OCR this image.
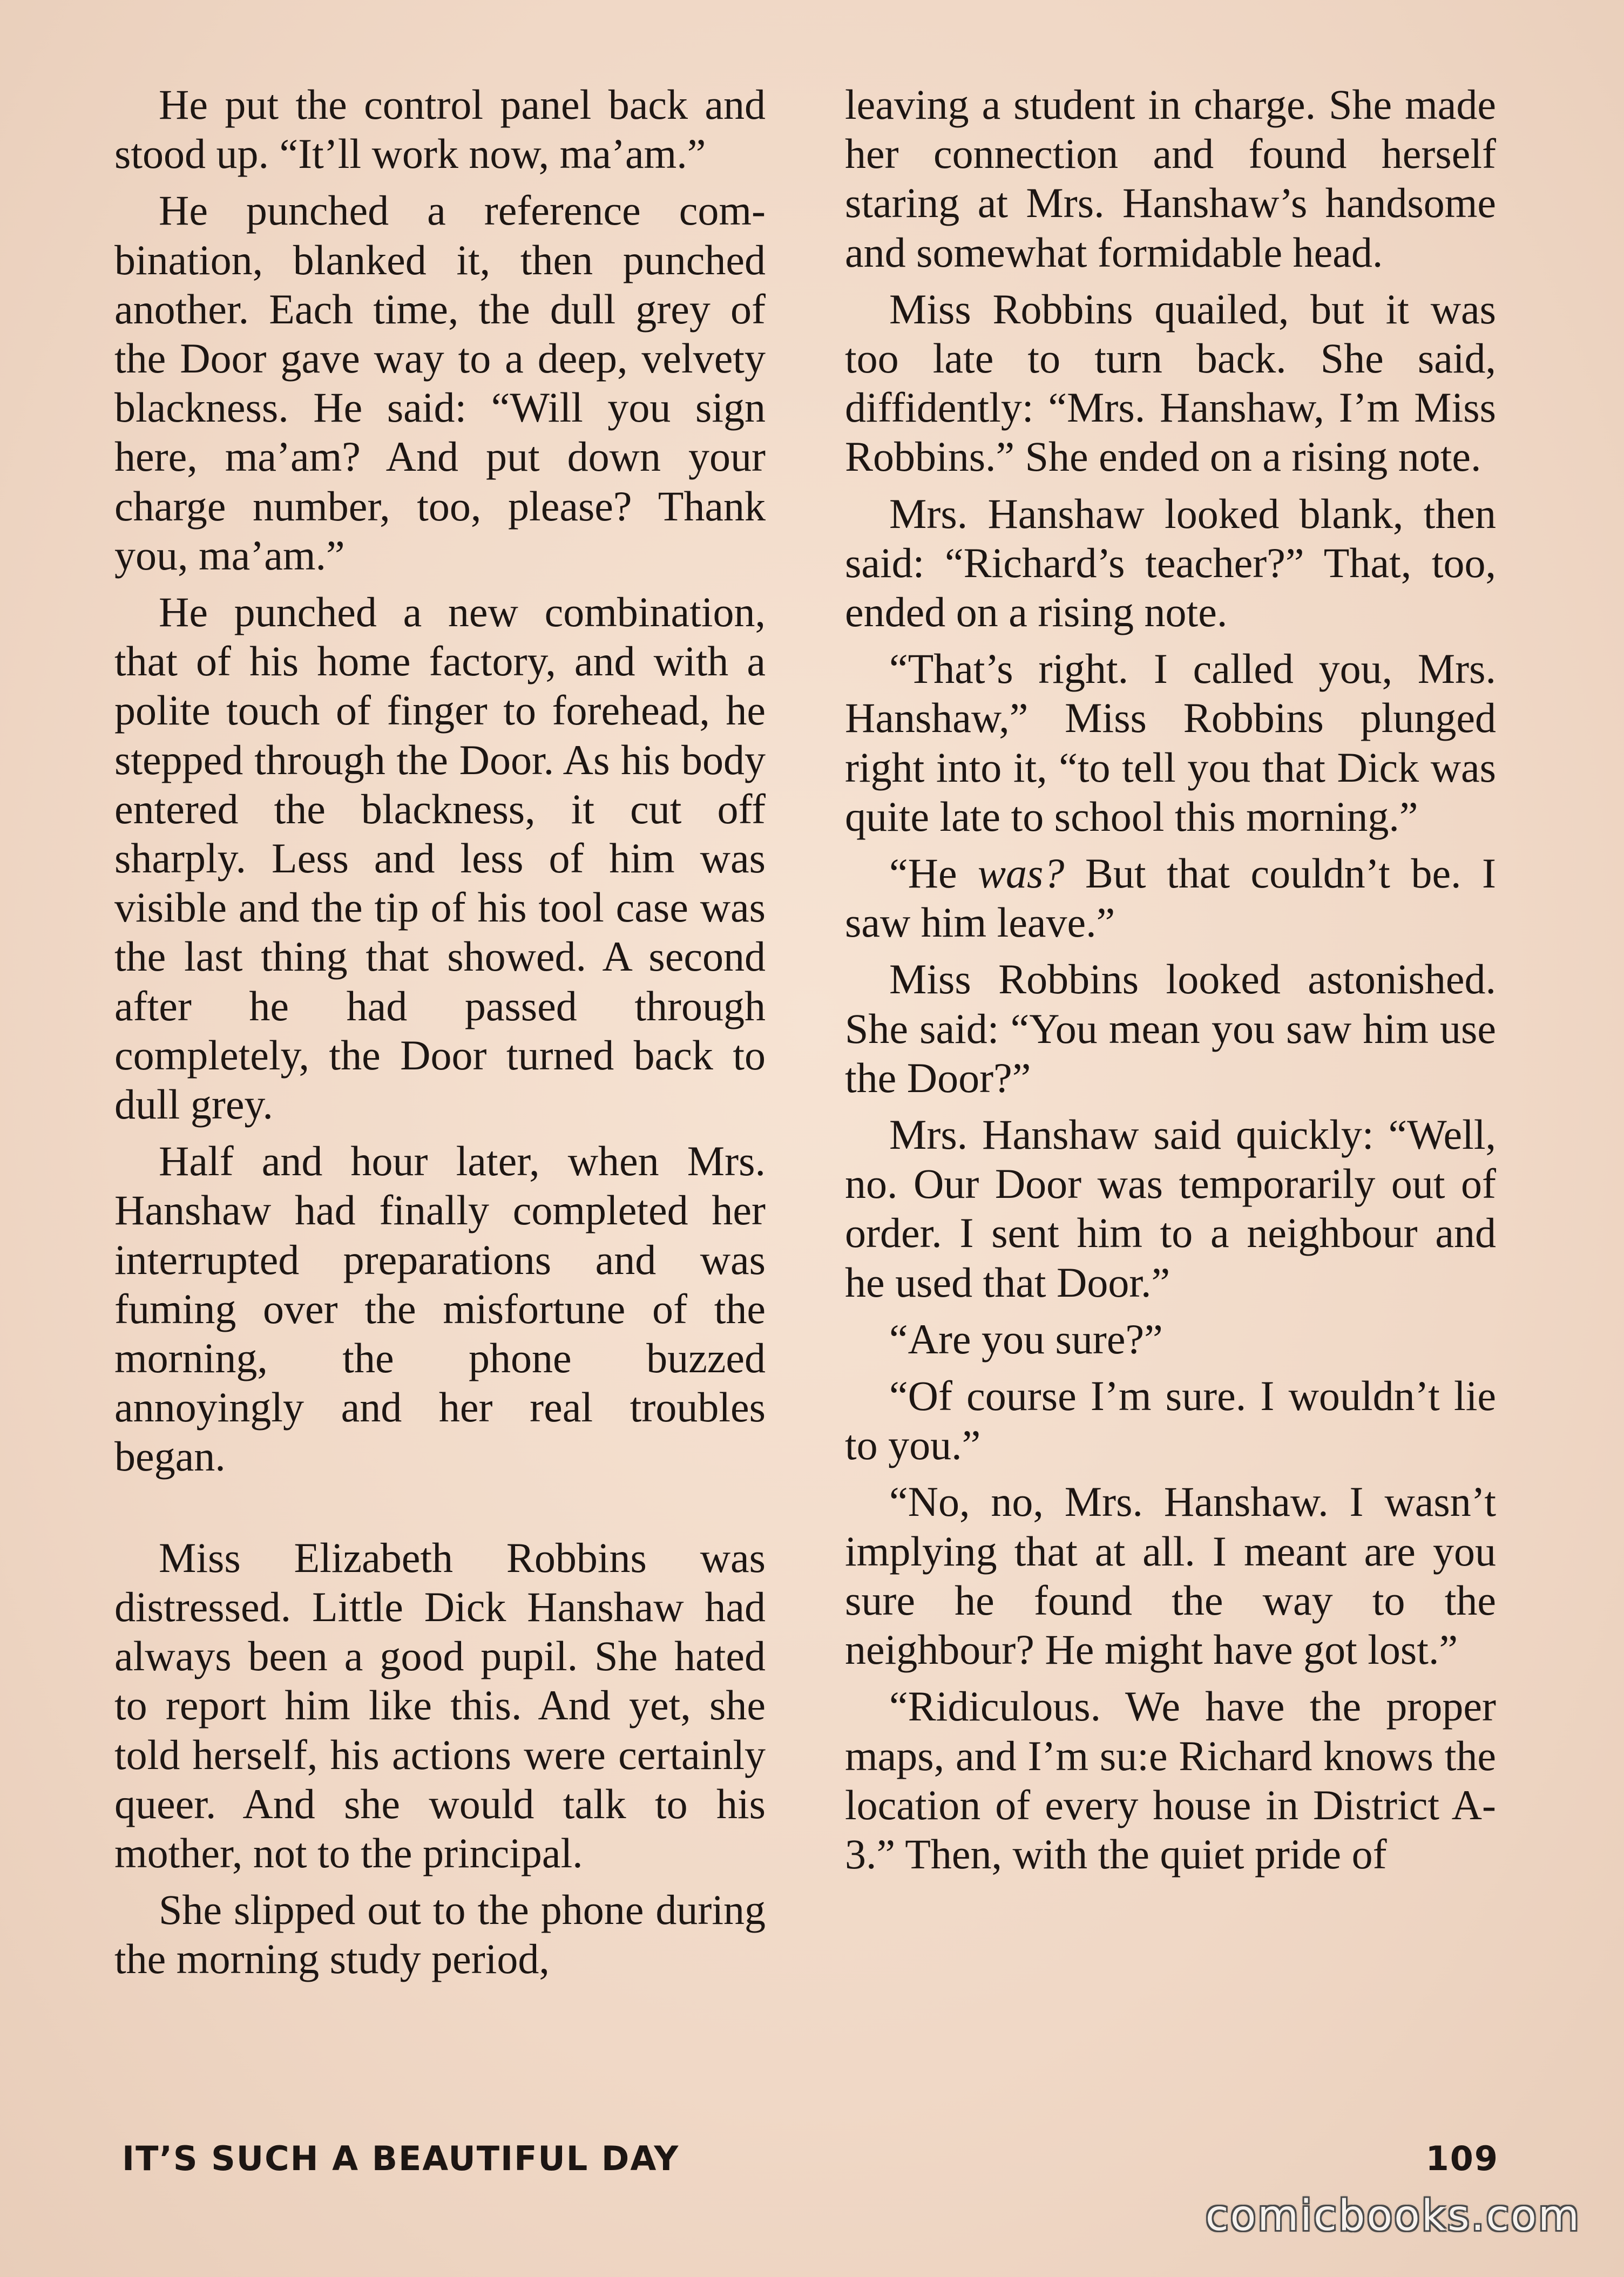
He put the control panel back and stood up. “It’ll work now, ma’am.”

He punched a reference combination, blanked it, then punched another. Each time, the dull grey of the Door gave way to a deep, velvety blackness. He said: “Will you sign here, ma’am? And put down your charge number, too, please? Thank you, ma’am.”

He punched a new combination, that of his home factory, and with a polite touch of finger to forehead, he stepped through the Door. As his body entered the blackness, it cut off sharply. Less and less of him was visible and the tip of his tool case was the last thing that showed. A second after he had passed through completely, the Door turned back to dull grey.

Half and hour later, when Mrs. Hanshaw had finally completed her interrupted preparations and was fuming over the misfortune of the morning, the phone buzzed annoyingly and her real troubles began.

Miss Elizabeth Robbins was distressed. Little Dick Hanshaw had always been a good pupil. She hated to report him like this. And yet, she told herself, his actions were certainly queer. And she would talk to his mother, not to the principal.

She slipped out to the phone during the morning study period,

leaving a student in charge. She made her connection and found herself staring at Mrs. Hanshaw’s handsome and somewhat formidable head.

Miss Robbins quailed, but it was too late to turn back. She said, diffidently: “Mrs. Hanshaw, I’m Miss Robbins.” She ended on a rising note.

Mrs. Hanshaw looked blank, then said: “Richard’s teacher?” That, too, ended on a rising note.

“That’s right. I called you, Mrs. Hanshaw,” Miss Robbins plunged right into it, “to tell you that Dick was quite late to school this morning.”

“He was? But that couldn’t be. I saw him leave.”

Miss Robbins looked astonished. She said: “You mean you saw him use the Door?”

Mrs. Hanshaw said quickly: “Well, no. Our Door was temporarily out of order. I sent him to a neighbour and he used that Door.”

“Are you sure?”

“Of course I’m sure. I wouldn’t lie to you.”

“No, no, Mrs. Hanshaw. I wasn’t implying that at all. I meant are you sure he found the way to the neighbour? He might have got lost.”

“Ridiculous. We have the proper maps, and I’m su:e Richard knows the location of every house in District A-3.” Then, with the quiet pride of

IT’S SUCH A BEAUTIFUL DAY	109
comicbooks.com
